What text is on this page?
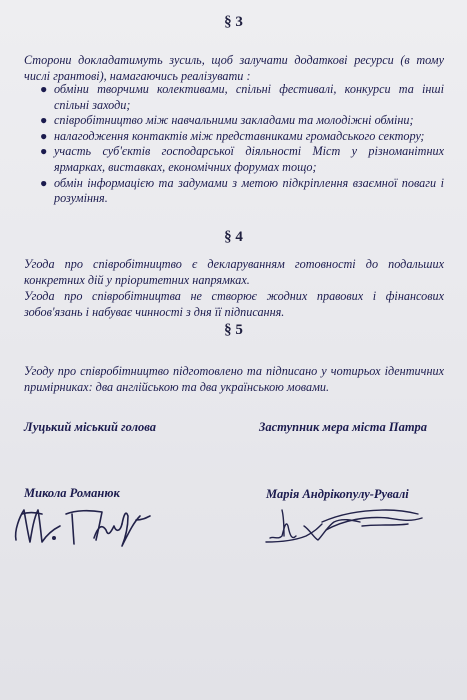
§ 3

Сторони докладатимуть зусиль, щоб залучати додаткові ресурси (в тому числі грантові), намагаючись реалізувати :

● обміни творчими колективами, спільні фестивалі, конкурси та інші спільні заходи;
● співробітництво між навчальними закладами та молодіжні обміни;
● налагодження контактів між представниками громадського сектору;
● участь суб'єктів господарської діяльності Міст у різноманітних ярмарках, виставках, економічних форумах тощо;
● обмін інформацією та задумами з метою підкріплення взаємної поваги і розуміння.
§ 4

Угода про співробітництво є декларуванням готовності до подальших конкретних дій у пріоритетних напрямках.

Угода про співробітництва не створює жодних правових і фінансових зобов'язань і набуває чинності з дня її підписання.

§ 5

Угоду про співробітництво підготовлено та підписано у чотирьох ідентичних примірниках: два англійською та два українською мовами.

Луцький міський голова	Заступник мера міста Патра
Микола Романюк	Марія Андрікопулу-Рувалі
